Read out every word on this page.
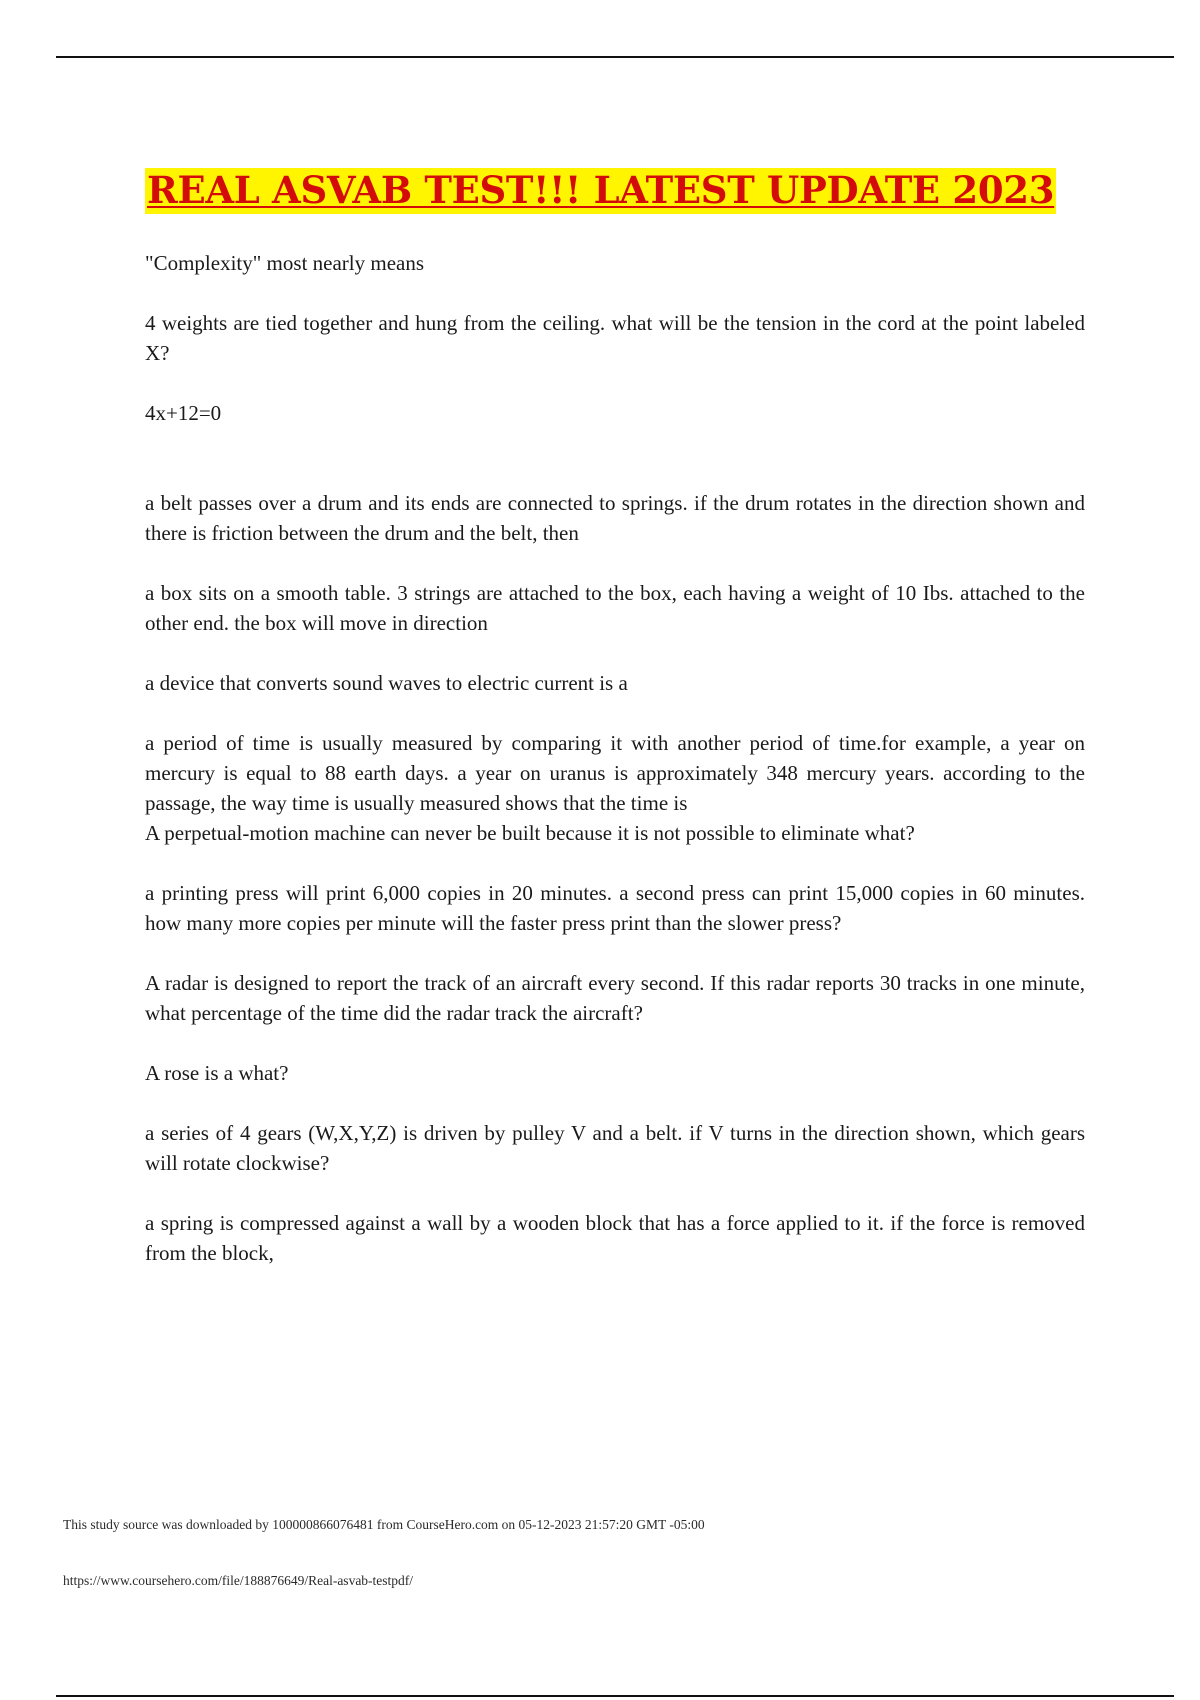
REAL ASVAB TEST!!! LATEST UPDATE 2023

"Complexity" most nearly means

4 weights are tied together and hung from the ceiling. what will be the tension in the cord at the point labeled X?

4x+12=0

a belt passes over a drum and its ends are connected to springs. if the drum rotates in the direction shown and there is friction between the drum and the belt, then

a box sits on a smooth table. 3 strings are attached to the box, each having a weight of 10 Ibs. attached to the other end. the box will move in direction

a device that converts sound waves to electric current is a

a period of time is usually measured by comparing it with another period of time.for example, a year on mercury is equal to 88 earth days. a year on uranus is approximately 348 mercury years. according to the passage, the way time is usually measured shows that the time is

A perpetual-motion machine can never be built because it is not possible to eliminate what?

a printing press will print 6,000 copies in 20 minutes. a second press can print 15,000 copies in 60 minutes. how many more copies per minute will the faster press print than the slower press?

A radar is designed to report the track of an aircraft every second. If this radar reports 30 tracks in one minute, what percentage of the time did the radar track the aircraft?

A rose is a what?

a series of 4 gears (W,X,Y,Z) is driven by pulley V and a belt. if V turns in the direction shown, which gears will rotate clockwise?

a spring is compressed against a wall by a wooden block that has a force applied to it. if the force is removed from the block,

This study source was downloaded by 100000866076481 from CourseHero.com on 05-12-2023 21:57:20 GMT -05:00
https://www.coursehero.com/file/188876649/Real-asvab-testpdf/
